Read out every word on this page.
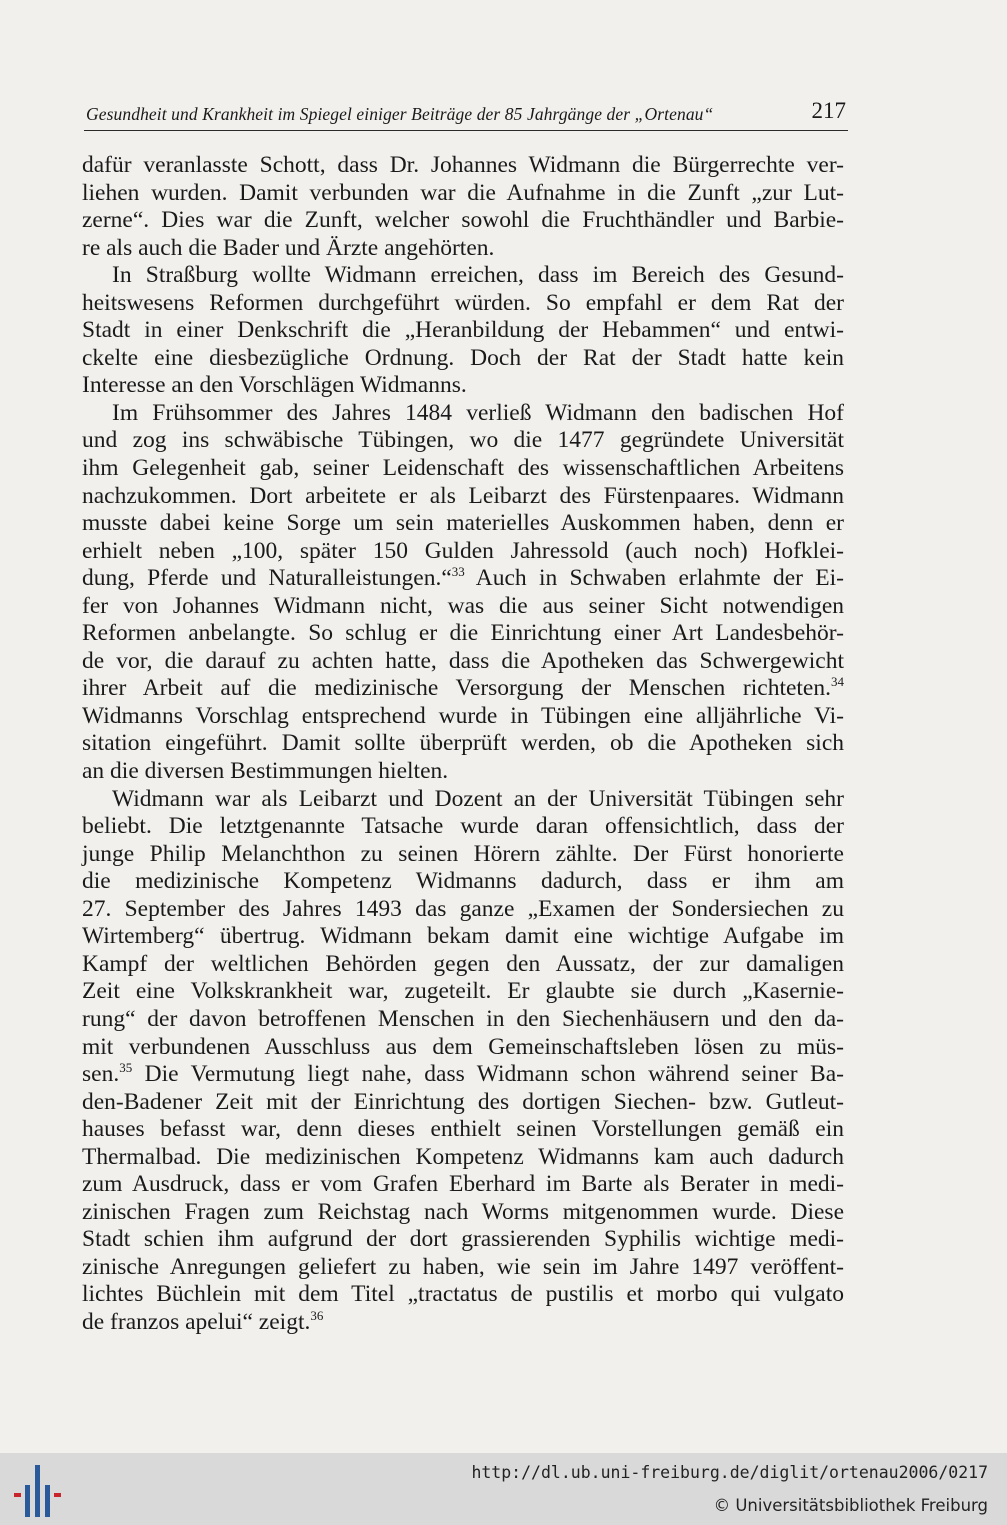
Gesundheit und Krankheit im Spiegel einiger Beiträge der 85 Jahrgänge der „Ortenau“	217
dafür veranlasste Schott, dass Dr. Johannes Widmann die Bürgerrechte ver-
liehen wurden. Damit verbunden war die Aufnahme in die Zunft „zur Lut-
zerne“. Dies war die Zunft, welcher sowohl die Fruchthändler und Barbie-
re als auch die Bader und Ärzte angehörten.
In Straßburg wollte Widmann erreichen, dass im Bereich des Gesund-
heitswesens Reformen durchgeführt würden. So empfahl er dem Rat der
Stadt in einer Denkschrift die „Heranbildung der Hebammen“ und entwi-
ckelte eine diesbezügliche Ordnung. Doch der Rat der Stadt hatte kein
Interesse an den Vorschlägen Widmanns.
Im Frühsommer des Jahres 1484 verließ Widmann den badischen Hof
und zog ins schwäbische Tübingen, wo die 1477 gegründete Universität
ihm Gelegenheit gab, seiner Leidenschaft des wissenschaftlichen Arbeitens
nachzukommen. Dort arbeitete er als Leibarzt des Fürstenpaares. Widmann
musste dabei keine Sorge um sein materielles Auskommen haben, denn er
erhielt neben „100, später 150 Gulden Jahressold (auch noch) Hofklei-
dung, Pferde und Naturalleistungen.“$^{33}$ Auch in Schwaben erlahmte der Ei-
fer von Johannes Widmann nicht, was die aus seiner Sicht notwendigen
Reformen anbelangte. So schlug er die Einrichtung einer Art Landesbehör-
de vor, die darauf zu achten hatte, dass die Apotheken das Schwergewicht
ihrer Arbeit auf die medizinische Versorgung der Menschen richteten.$^{34}$
Widmanns Vorschlag entsprechend wurde in Tübingen eine alljährliche Vi-
sitation eingeführt. Damit sollte überprüft werden, ob die Apotheken sich
an die diversen Bestimmungen hielten.
Widmann war als Leibarzt und Dozent an der Universität Tübingen sehr
beliebt. Die letztgenannte Tatsache wurde daran offensichtlich, dass der
junge Philip Melanchthon zu seinen Hörern zählte. Der Fürst honorierte
die medizinische Kompetenz Widmanns dadurch, dass er ihm am
27. September des Jahres 1493 das ganze „Examen der Sondersiechen zu
Wirtemberg“ übertrug. Widmann bekam damit eine wichtige Aufgabe im
Kampf der weltlichen Behörden gegen den Aussatz, der zur damaligen
Zeit eine Volkskrankheit war, zugeteilt. Er glaubte sie durch „Kasernie-
rung“ der davon betroffenen Menschen in den Siechenhäusern und den da-
mit verbundenen Ausschluss aus dem Gemeinschaftsleben lösen zu müs-
sen.$^{35}$ Die Vermutung liegt nahe, dass Widmann schon während seiner Ba-
den-Badener Zeit mit der Einrichtung des dortigen Siechen- bzw. Gutleut-
hauses befasst war, denn dieses enthielt seinen Vorstellungen gemäß ein
Thermalbad. Die medizinischen Kompetenz Widmanns kam auch dadurch
zum Ausdruck, dass er vom Grafen Eberhard im Barte als Berater in medi-
zinischen Fragen zum Reichstag nach Worms mitgenommen wurde. Diese
Stadt schien ihm aufgrund der dort grassierenden Syphilis wichtige medi-
zinische Anregungen geliefert zu haben, wie sein im Jahre 1497 veröffent-
lichtes Büchlein mit dem Titel „tractatus de pustilis et morbo qui vulgato
de franzos apelui“ zeigt.$^{36}$
http://dl.ub.uni-freiburg.de/diglit/ortenau2006/0217
© Universitätsbibliothek Freiburg
